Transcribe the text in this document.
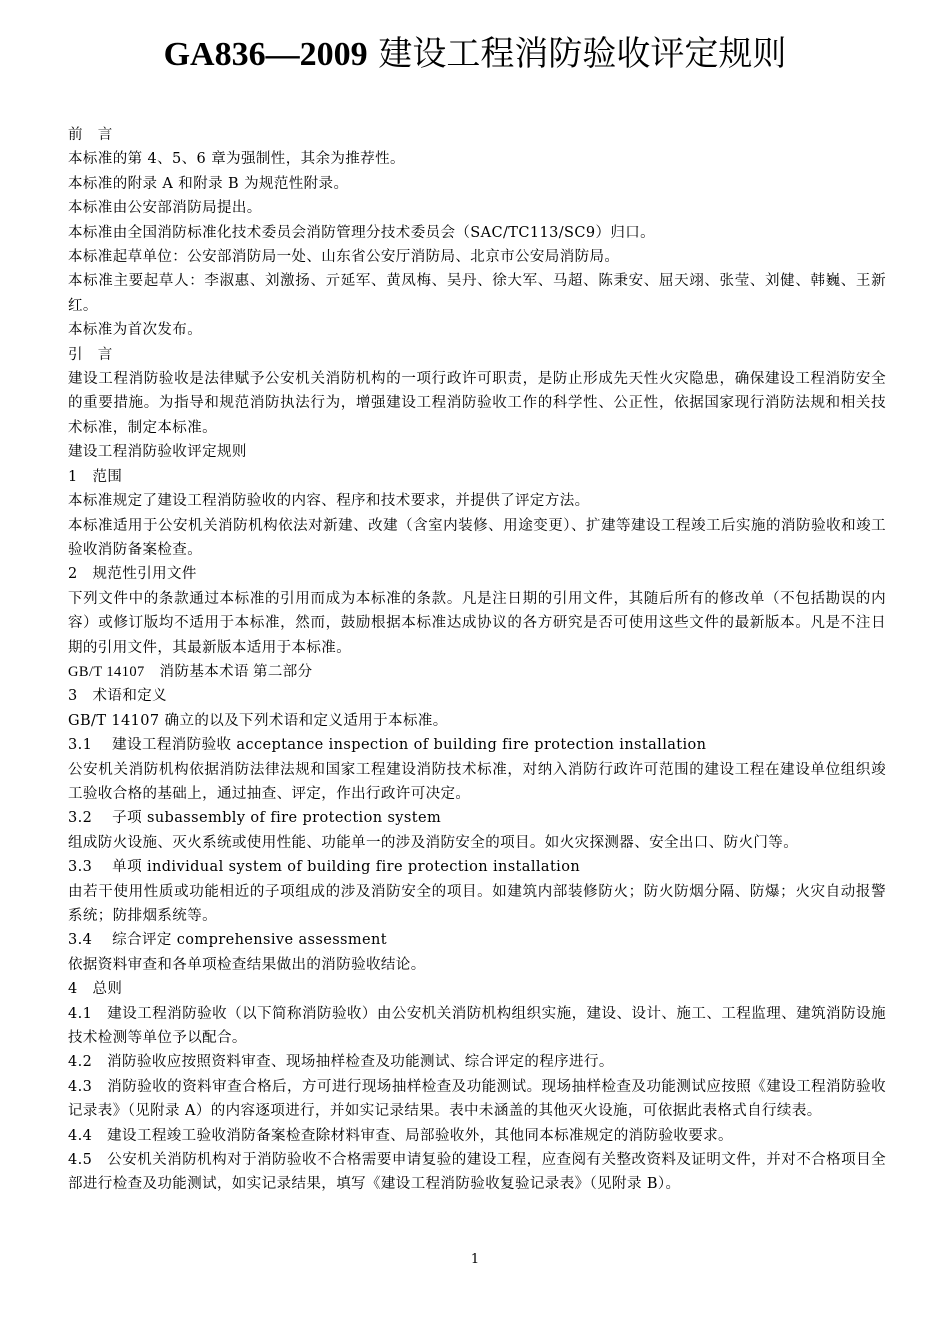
GA836—2009 建设工程消防验收评定规则

前　言

本标准的第 4、5、6 章为强制性，其余为推荐性。

本标准的附录 A 和附录 B 为规范性附录。

本标准由公安部消防局提出。

本标准由全国消防标准化技术委员会消防管理分技术委员会（SAC/TC113/SC9）归口。

本标准起草单位：公安部消防局一处、山东省公安厅消防局、北京市公安局消防局。

本标准主要起草人：李淑惠、刘激扬、亓延军、黄凤梅、吴丹、徐大军、马超、陈秉安、屈天翊、张莹、刘健、韩巍、王新红。

本标准为首次发布。

引　言

建设工程消防验收是法律赋予公安机关消防机构的一项行政许可职责，是防止形成先天性火灾隐患，确保建设工程消防安全的重要措施。为指导和规范消防执法行为，增强建设工程消防验收工作的科学性、公正性，依据国家现行消防法规和相关技术标准，制定本标准。

建设工程消防验收评定规则

1　范围

本标准规定了建设工程消防验收的内容、程序和技术要求，并提供了评定方法。

本标准适用于公安机关消防机构依法对新建、改建（含室内装修、用途变更）、扩建等建设工程竣工后实施的消防验收和竣工验收消防备案检查。

2　规范性引用文件

下列文件中的条款通过本标准的引用而成为本标准的条款。凡是注日期的引用文件，其随后所有的修改单（不包括勘误的内容）或修订版均不适用于本标准，然而，鼓励根据本标准达成协议的各方研究是否可使用这些文件的最新版本。凡是不注日期的引用文件，其最新版本适用于本标准。

GB/T 14107　消防基本术语 第二部分

3　术语和定义

GB/T 14107 确立的以及下列术语和定义适用于本标准。

3.1　 建设工程消防验收 acceptance inspection of building fire protection installation

公安机关消防机构依据消防法律法规和国家工程建设消防技术标准，对纳入消防行政许可范围的建设工程在建设单位组织竣工验收合格的基础上，通过抽查、评定，作出行政许可决定。

3.2　 子项 subassembly of fire protection system

组成防火设施、灭火系统或使用性能、功能单一的涉及消防安全的项目。如火灾探测器、安全出口、防火门等。

3.3　 单项 individual system of building fire protection installation

由若干使用性质或功能相近的子项组成的涉及消防安全的项目。如建筑内部装修防火；防火防烟分隔、防爆；火灾自动报警系统；防排烟系统等。

3.4　 综合评定 comprehensive assessment

依据资料审查和各单项检查结果做出的消防验收结论。

4　总则

4.1　建设工程消防验收（以下简称消防验收）由公安机关消防机构组织实施，建设、设计、施工、工程监理、建筑消防设施技术检测等单位予以配合。

4.2　消防验收应按照资料审查、现场抽样检查及功能测试、综合评定的程序进行。

4.3　消防验收的资料审查合格后，方可进行现场抽样检查及功能测试。现场抽样检查及功能测试应按照《建设工程消防验收记录表》（见附录 A）的内容逐项进行，并如实记录结果。表中未涵盖的其他灭火设施，可依据此表格式自行续表。

4.4　建设工程竣工验收消防备案检查除材料审查、局部验收外，其他同本标准规定的消防验收要求。

4.5　公安机关消防机构对于消防验收不合格需要申请复验的建设工程，应查阅有关整改资料及证明文件，并对不合格项目全部进行检查及功能测试，如实记录结果，填写《建设工程消防验收复验记录表》（见附录 B）。

1
